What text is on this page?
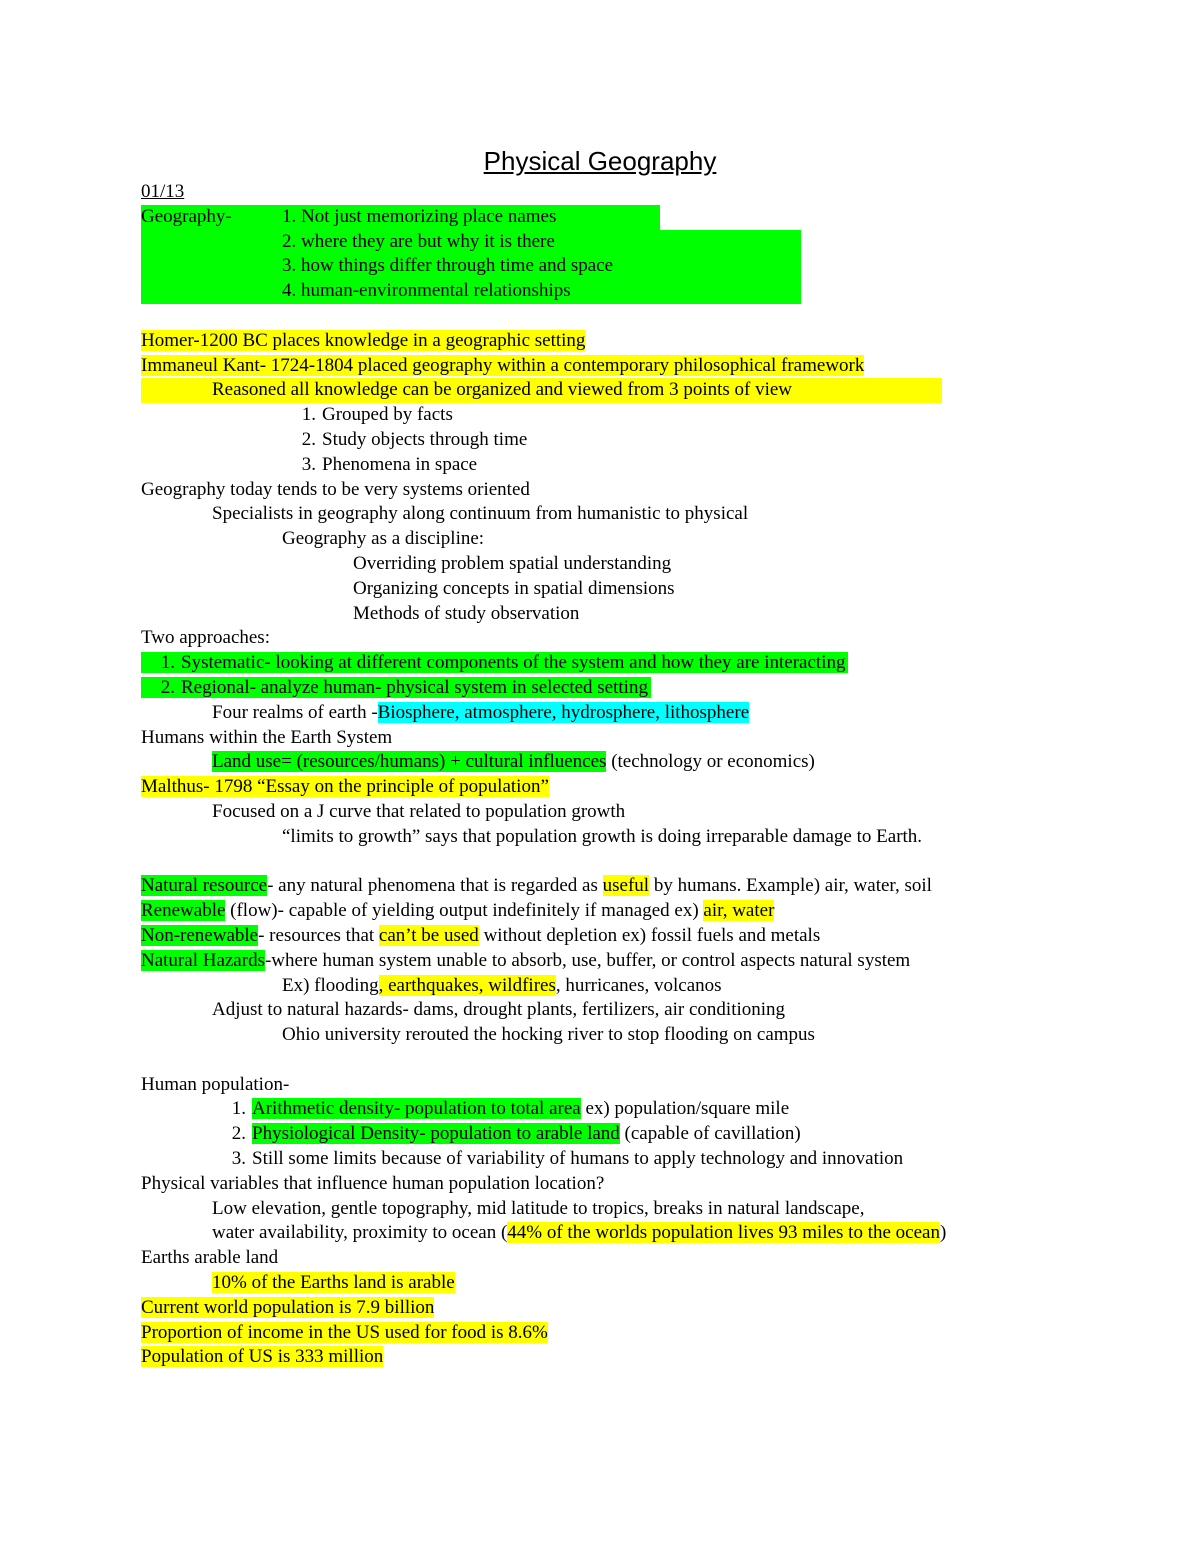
Physical Geography
01/13
Geography-	1. Not just memorizing place names
2. where they are but why it is there
3. how things differ through time and space
4. human-environmental relationships
Homer-1200 BC places knowledge in a geographic setting
Immaneul Kant- 1724-1804 placed geography within a contemporary philosophical framework
Reasoned all knowledge can be organized and viewed from 3 points of view
1. Grouped by facts
2. Study objects through time
3. Phenomena in space
Geography today tends to be very systems oriented
Specialists in geography along continuum from humanistic to physical
Geography as a discipline:
Overriding problem spatial understanding
Organizing concepts in spatial dimensions
Methods of study observation
Two approaches:
1. Systematic- looking at different components of the system and how they are interacting
2. Regional- analyze human- physical system in selected setting
Four realms of earth -Biosphere, atmosphere, hydrosphere, lithosphere
Humans within the Earth System
Land use= (resources/humans) + cultural influences (technology or economics)
Malthus- 1798 “Essay on the principle of population”
Focused on a J curve that related to population growth
“limits to growth” says that population growth is doing irreparable damage to Earth.
Natural resource- any natural phenomena that is regarded as useful by humans. Example) air, water, soil
Renewable (flow)- capable of yielding output indefinitely if managed ex) air, water
Non-renewable- resources that can’t be used without depletion ex) fossil fuels and metals
Natural Hazards-where human system unable to absorb, use, buffer, or control aspects natural system
Ex) flooding, earthquakes, wildfires, hurricanes, volcanos
Adjust to natural hazards- dams, drought plants, fertilizers, air conditioning
Ohio university rerouted the hocking river to stop flooding on campus
Human population-
1. Arithmetic density- population to total area ex) population/square mile
2. Physiological Density- population to arable land (capable of cavillation)
3. Still some limits because of variability of humans to apply technology and innovation
Physical variables that influence human population location?
Low elevation, gentle topography, mid latitude to tropics, breaks in natural landscape,
water availability, proximity to ocean (44% of the worlds population lives 93 miles to the ocean)
Earths arable land
10% of the Earths land is arable
Current world population is 7.9 billion
Proportion of income in the US used for food is 8.6%
Population of US is 333 million
